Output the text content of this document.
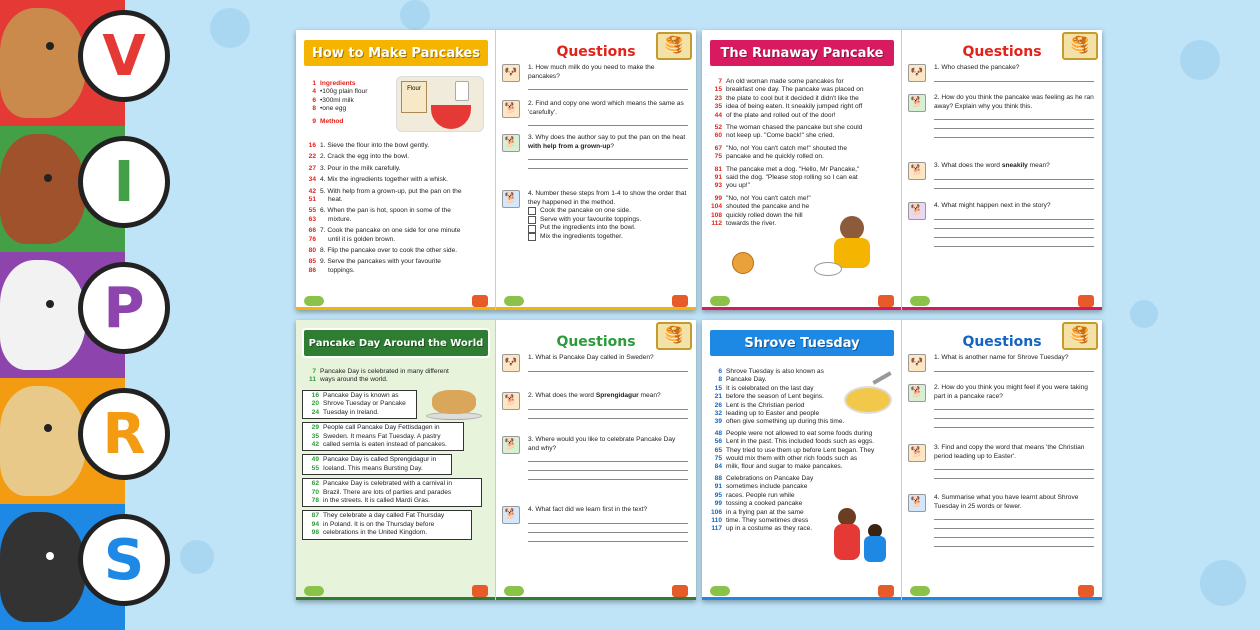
V
I
P
R
S
How to Make Pancakes
1 Ingredients
4 •100g plain flour
6 •300ml milk
8 •one egg
9 Method
Flour
16 1. Sieve the flour into the bowl gently.
22 2. Crack the egg into the bowl.
27 3. Pour in the milk carefully.
34 4. Mix the ingredients together with a whisk.
42 5. With help from a grown-up, put the pan on the
51	heat.
55 6. When the pan is hot, spoon in some of the
63	mixture.
66 7. Cook the pancake on one side for one minute
76	until it is golden brown.
80 8. Flip the pancake over to cook the other side.
85 9. Serve the pancakes with your favourite
86	toppings.
Questions	🥞
🐶	1. How much milk do you need to make the pancakes?
🐕	2. Find and copy one word which means the same as 'carefully'.
🐕	3. Why does the author say to put the pan on the heat with help from a grown-up?
🐕	4. Number these steps from 1-4 to show the order that they happened in the method.
Cook the pancake on one side.
Serve with your favourite toppings.
Put the ingredients into the bowl.
Mix the ingredients together.
The Runaway Pancake
7 An old woman made some pancakes for
15 breakfast one day. The pancake was placed on
23 the plate to cool but it decided it didn't like the
35 idea of being eaten. It sneakily jumped right off
44 of the plate and rolled out of the door!
52 The woman chased the pancake but she could
60 not keep up. "Come back!" she cried.
67 "No, no! You can't catch me!" shouted the
75 pancake and he quickly rolled on.
81 The pancake met a dog. "Hello, Mr Pancake,"
91 said the dog. "Please stop rolling so I can eat
93 you up!"
99 "No, no! You can't catch me!"
104 shouted the pancake and he
108 quickly rolled down the hill
112 towards the river.
Questions	🥞
🐶	1. Who chased the pancake?
🐕	2. How do you think the pancake was feeling as he ran away? Explain why you think this.
🐕	3. What does the word sneakily mean?
🐕	4. What might happen next in the story?
Pancake Day Around the World
7 Pancake Day is celebrated in many different
11 ways around the world.
16 Pancake Day is known as
20 Shrove Tuesday or Pancake
24 Tuesday in Ireland.
29 People call Pancake Day Fettisdagen in
35 Sweden. It means Fat Tuesday. A pastry
42 called semla is eaten instead of pancakes.
49 Pancake Day is called Sprengidagur in
55 Iceland. This means Bursting Day.
62 Pancake Day is celebrated with a carnival in
70 Brazil. There are lots of parties and parades
78 in the streets. It is called Mardi Gras.
87 They celebrate a day called Fat Thursday
94 in Poland. It is on the Thursday before
98 celebrations in the United Kingdom.
Questions	🥞
🐶	1. What is Pancake Day called in Sweden?
🐕	2. What does the word Sprengidagur mean?
🐕	3. Where would you like to celebrate Pancake Day and why?
🐕	4. What fact did we learn first in the text?
Shrove Tuesday
6 Shrove Tuesday is also known as
8 Pancake Day.
15 It is celebrated on the last day
21 before the season of Lent begins.
26 Lent is the Christian period
32 leading up to Easter and people
39 often give something up during this time.
48 People were not allowed to eat some foods during
56 Lent in the past. This included foods such as eggs.
65 They tried to use them up before Lent began. They
75 would mix them with other rich foods such as
84 milk, flour and sugar to make pancakes.
88 Celebrations on Pancake Day
91 sometimes include pancake
95 races. People run while
99 tossing a cooked pancake
106 in a frying pan at the same
110 time. They sometimes dress
117 up in a costume as they race.
Questions	🥞
🐶	1. What is another name for Shrove Tuesday?
🐕	2. How do you think you might feel if you were taking part in a pancake race?
🐕	3. Find and copy the word that means 'the Christian period leading up to Easter'.
🐕	4. Summarise what you have learnt about Shrove Tuesday in 25 words or fewer.
